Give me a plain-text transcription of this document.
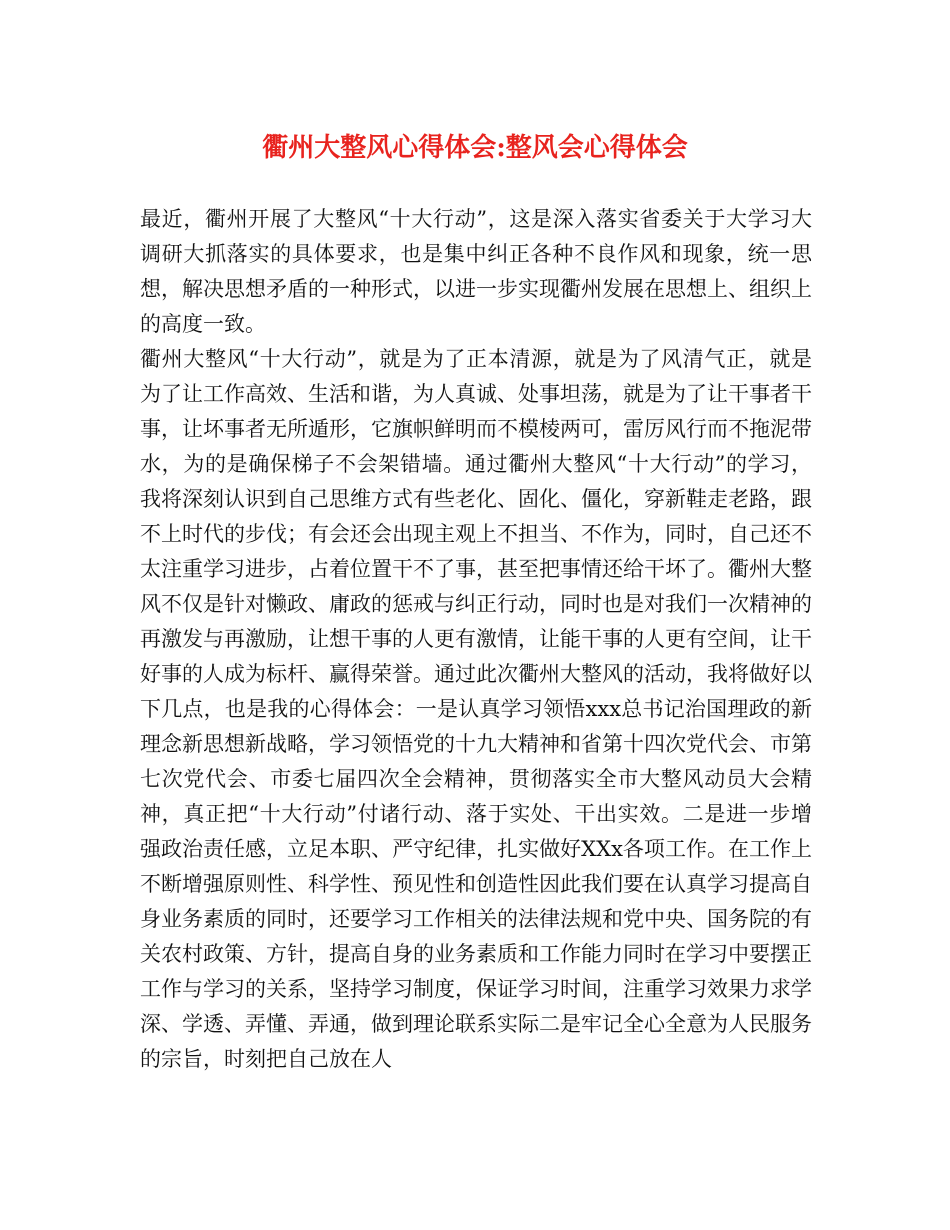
衢州大整风心得体会:整风会心得体会

最近，衢州开展了大整风“十大行动”，这是深入落实省委关于大学习大调研大抓落实的具体要求，也是集中纠正各种不良作风和现象，统一思想，解决思想矛盾的一种形式，以进一步实现衢州发展在思想上、组织上的高度一致。

衢州大整风“十大行动”，就是为了正本清源，就是为了风清气正，就是为了让工作高效、生活和谐，为人真诚、处事坦荡，就是为了让干事者干事，让坏事者无所遁形，它旗帜鲜明而不模棱两可，雷厉风行而不拖泥带水，为的是确保梯子不会架错墙。通过衢州大整风“十大行动”的学习，我将深刻认识到自己思维方式有些老化、固化、僵化，穿新鞋走老路，跟不上时代的步伐；有会还会出现主观上不担当、不作为，同时，自己还不太注重学习进步，占着位置干不了事，甚至把事情还给干坏了。衢州大整风不仅是针对懒政、庸政的惩戒与纠正行动，同时也是对我们一次精神的再激发与再激励，让想干事的人更有激情，让能干事的人更有空间，让干好事的人成为标杆、赢得荣誉。通过此次衢州大整风的活动，我将做好以下几点，也是我的心得体会：一是认真学习领悟xxx总书记治国理政的新理念新思想新战略，学习领悟党的十九大精神和省第十四次党代会、市第七次党代会、市委七届四次全会精神，贯彻落实全市大整风动员大会精神，真正把“十大行动”付诸行动、落于实处、干出实效。二是进一步增强政治责任感，立足本职、严守纪律，扎实做好XXx各项工作。在工作上不断增强原则性、科学性、预见性和创造性因此我们要在认真学习提高自身业务素质的同时，还要学习工作相关的法律法规和党中央、国务院的有关农村政策、方针，提高自身的业务素质和工作能力同时在学习中要摆正工作与学习的关系，坚持学习制度，保证学习时间，注重学习效果力求学深、学透、弄懂、弄通，做到理论联系实际二是牢记全心全意为人民服务的宗旨，时刻把自己放在人
